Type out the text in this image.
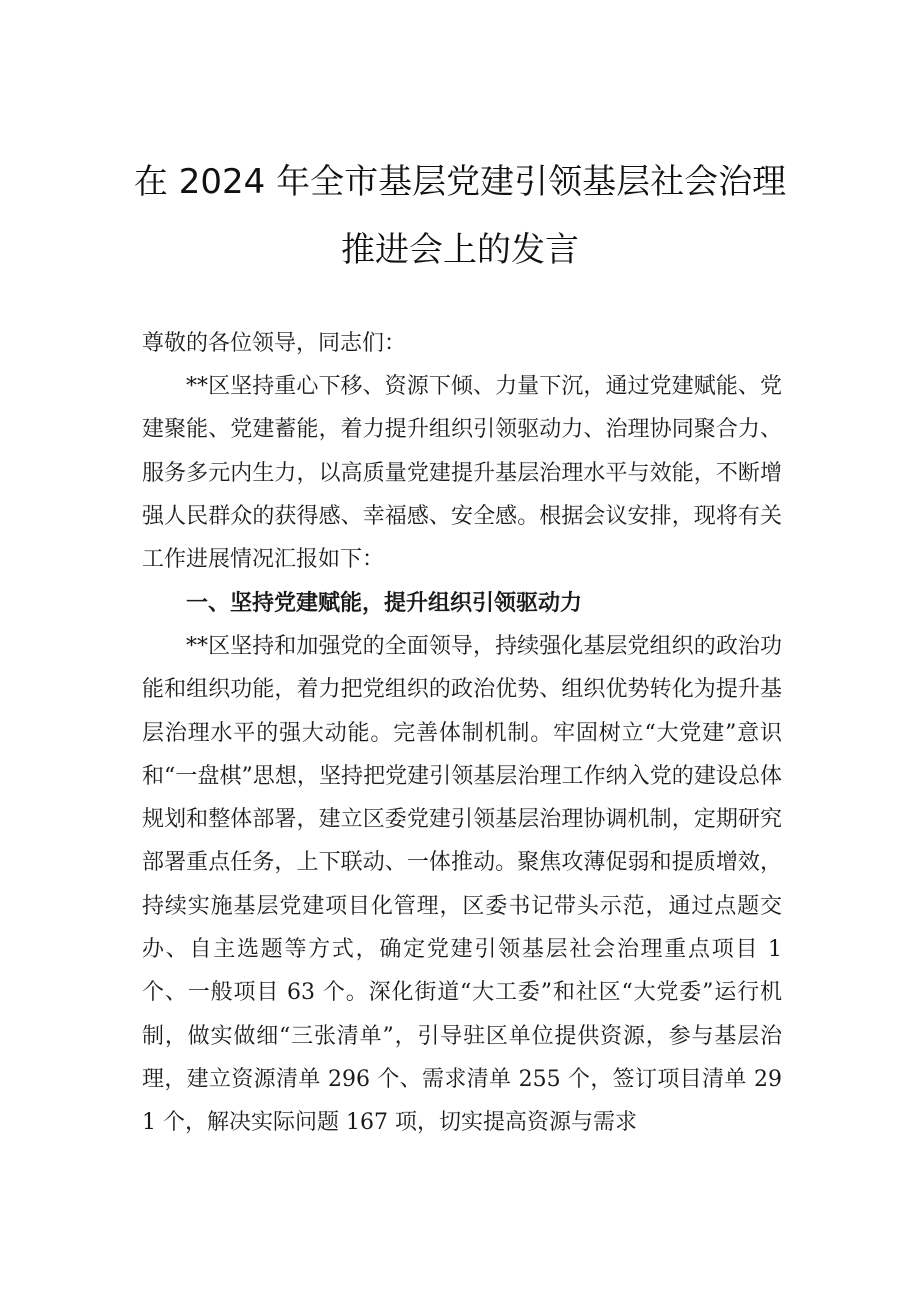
在 2024 年全市基层党建引领基层社会治理
推进会上的发言
尊敬的各位领导，同志们：

**区坚持重心下移、资源下倾、力量下沉，通过党建赋能、党建聚能、党建蓄能，着力提升组织引领驱动力、治理协同聚合力、服务多元内生力，以高质量党建提升基层治理水平与效能，不断增强人民群众的获得感、幸福感、安全感。根据会议安排，现将有关工作进展情况汇报如下：

一、坚持党建赋能，提升组织引领驱动力

**区坚持和加强党的全面领导，持续强化基层党组织的政治功能和组织功能，着力把党组织的政治优势、组织优势转化为提升基层治理水平的强大动能。完善体制机制。牢固树立“大党建”意识和“一盘棋”思想，坚持把党建引领基层治理工作纳入党的建设总体规划和整体部署，建立区委党建引领基层治理协调机制，定期研究部署重点任务，上下联动、一体推动。聚焦攻薄促弱和提质增效，持续实施基层党建项目化管理，区委书记带头示范，通过点题交办、自主选题等方式，确定党建引领基层社会治理重点项目 1 个、一般项目 63 个。深化街道“大工委”和社区“大党委”运行机制，做实做细“三张清单”，引导驻区单位提供资源，参与基层治理，建立资源清单 296 个、需求清单 255 个，签订项目清单 291 个，解决实际问题 167 项，切实提高资源与需求
